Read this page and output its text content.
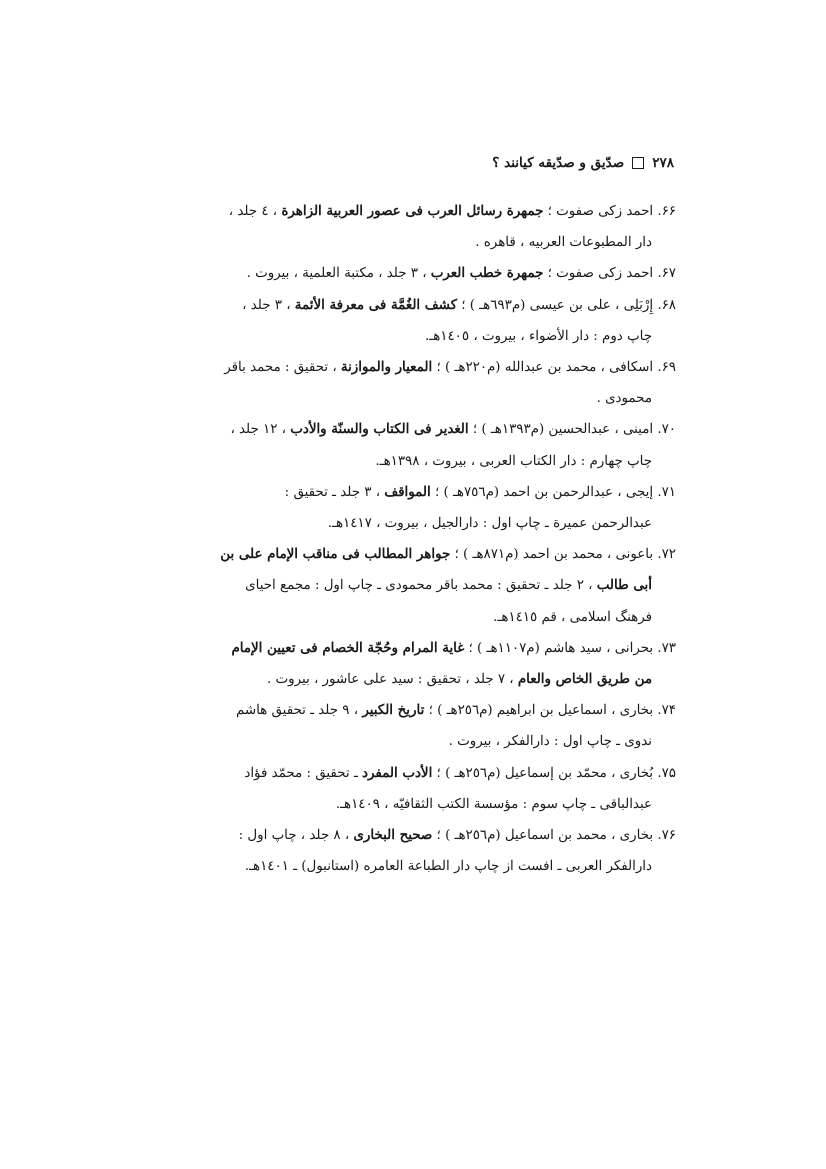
۲۷۸
صدّيق و صدّيقه كيانند ؟
۶۶. احمد زكى صفوت ؛ جمهرة رسائل العرب فى عصور العربية الزاهرة ، ٤ جلد ،

دار المطبوعات العربيه ، قاهره .
۶۷. احمد زكى صفوت ؛ جمهرة خطب العرب ، ٣ جلد ، مكتبة العلمية ، بيروت .

۶۸. إِرْبَلِی ، علی بن عیسی (م٦٩٣هـ ) ؛ كشف الغُمَّة فی معرفة الأئمة ، ٣ جلد ،

چاپ دوم : دار الأضواء ، بيروت ، ١٤٠٥هـ.
۶۹. اسكافی ، محمد بن عبدالله (م٢٢٠هـ ) ؛ المعيار والموازنة ، تحقيق : محمد باقر

محمودی .
۷۰. امینی ، عبدالحسین (م١٣٩٣هـ ) ؛ الغدير فی الكتاب والسنّة والأدب ، ١٢ جلد ،

چاپ چهارم : دار الكتاب العربی ، بيروت ، ١٣٩٨هـ.
۷۱. إيجی ، عبدالرحمن بن احمد (م٧٥٦هـ ) ؛ المواقف ، ٣ جلد ـ تحقيق :

عبدالرحمن عميرة ـ چاپ اول : دارالجيل ، بيروت ، ١٤١٧هـ.
۷۲. باعونی ، محمد بن احمد (م٨٧١هـ ) ؛ جواهر المطالب فی مناقب الإمام علی بن

أبی طالب ، ٢ جلد ـ تحقيق : محمد باقر محمودی ـ چاپ اول : مجمع احيای
فرهنگ اسلامی ، قم ١٤١٥هـ.
۷۳. بحرانی ، سيد هاشم (م١١٠٧هـ ) ؛ غاية المرام وحُجّة الخصام فی تعيين الإمام

من طريق الخاص والعام ، ٧ جلد ، تحقيق : سيد علی عاشور ، بيروت .
۷۴. بخاری ، اسماعيل بن ابراهيم (م٢٥٦هـ ) ؛ تاريخ الكبير ، ٩ جلد ـ تحقيق هاشم

ندوی ـ چاپ اول : دارالفكر ، بيروت .
۷۵. بُخاری ، محمّد بن إسماعيل (م٢٥٦هـ ) ؛ الأدب المفرد ـ تحقيق : محمّد فؤاد

عبدالباقی ـ چاپ سوم : مؤسسة الكتب الثقافيّه ، ١٤٠٩هـ.
۷۶. بخاری ، محمد بن اسماعيل (م٢٥٦هـ ) ؛ صحيح البخاری ، ٨ جلد ، چاپ اول :

دارالفكر العربی ـ افست از چاپ دار الطباعة العامره (استانبول) ـ ١٤٠١هـ.
